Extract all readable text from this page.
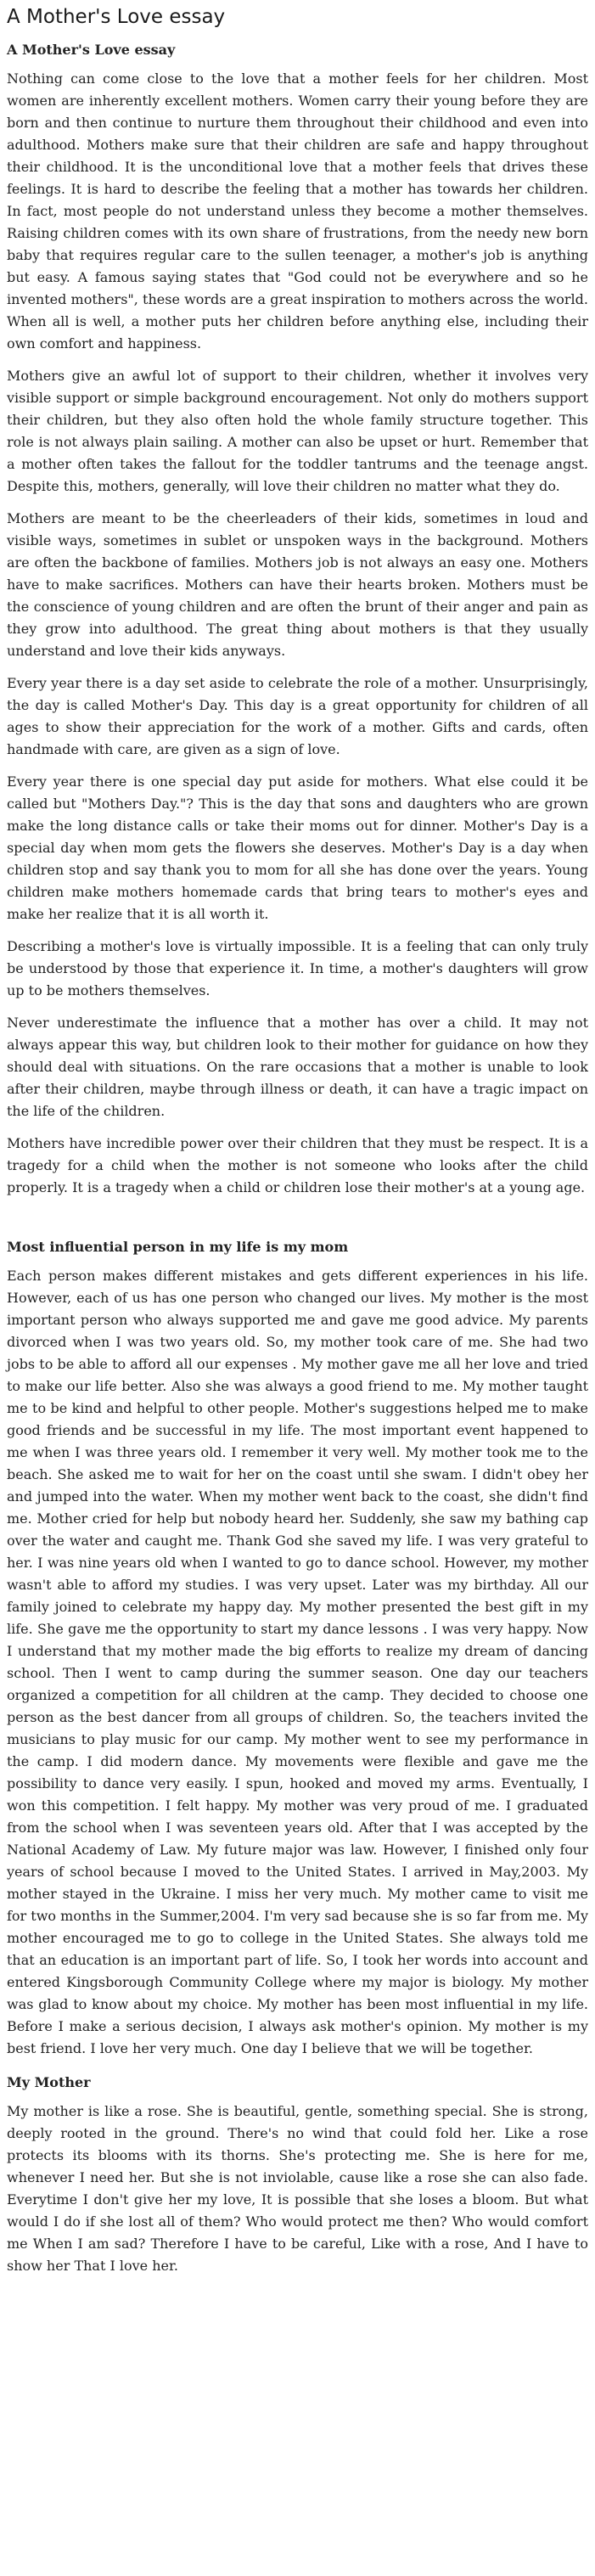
A Mother's Love essay
A Mother's Love essay

Nothing can come close to the love that a mother feels for her children. Most women are inherently excellent mothers. Women carry their young before they are born and then continue to nurture them throughout their childhood and even into adulthood. Mothers make sure that their children are safe and happy throughout their childhood. It is the unconditional love that a mother feels that drives these feelings. It is hard to describe the feeling that a mother has towards her children. In fact, most people do not understand unless they become a mother themselves. Raising children comes with its own share of frustrations, from the needy new born baby that requires regular care to the sullen teenager, a mother's job is anything but easy. A famous saying states that "God could not be everywhere and so he invented mothers", these words are a great inspiration to mothers across the world. When all is well, a mother puts her children before anything else, including their own comfort and happiness.

Mothers give an awful lot of support to their children, whether it involves very visible support or simple background encouragement. Not only do mothers support their children, but they also often hold the whole family structure together. This role is not always plain sailing. A mother can also be upset or hurt. Remember that a mother often takes the fallout for the toddler tantrums and the teenage angst. Despite this, mothers, generally, will love their children no matter what they do.

Mothers are meant to be the cheerleaders of their kids, sometimes in loud and visible ways, sometimes in sublet or unspoken ways in the background. Mothers are often the backbone of families. Mothers job is not always an easy one. Mothers have to make sacrifices. Mothers can have their hearts broken. Mothers must be the conscience of young children and are often the brunt of their anger and pain as they grow into adulthood. The great thing about mothers is that they usually understand and love their kids anyways.

Every year there is a day set aside to celebrate the role of a mother. Unsurprisingly, the day is called Mother's Day. This day is a great opportunity for children of all ages to show their appreciation for the work of a mother. Gifts and cards, often handmade with care, are given as a sign of love.

Every year there is one special day put aside for mothers. What else could it be called but "Mothers Day."? This is the day that sons and daughters who are grown make the long distance calls or take their moms out for dinner. Mother's Day is a special day when mom gets the flowers she deserves. Mother's Day is a day when children stop and say thank you to mom for all she has done over the years. Young children make mothers homemade cards that bring tears to mother's eyes and make her realize that it is all worth it.

Describing a mother's love is virtually impossible. It is a feeling that can only truly be understood by those that experience it. In time, a mother's daughters will grow up to be mothers themselves.

Never underestimate the influence that a mother has over a child. It may not always appear this way, but children look to their mother for guidance on how they should deal with situations. On the rare occasions that a mother is unable to look after their children, maybe through illness or death, it can have a tragic impact on the life of the children.

Mothers have incredible power over their children that they must be respect. It is a tragedy for a child when the mother is not someone who looks after the child properly. It is a tragedy when a child or children lose their mother's at a young age.

Most influential person in my life is my mom

Each person makes different mistakes and gets different experiences in his life. However, each of us has one person who changed our lives. My mother is the most important person who always supported me and gave me good advice. My parents divorced when I was two years old. So, my mother took care of me. She had two jobs to be able to afford all our expenses . My mother gave me all her love and tried to make our life better. Also she was always a good friend to me. My mother taught me to be kind and helpful to other people. Mother's suggestions helped me to make good friends and be successful in my life. The most important event happened to me when I was three years old. I remember it very well. My mother took me to the beach. She asked me to wait for her on the coast until she swam. I didn't obey her and jumped into the water. When my mother went back to the coast, she didn't find me. Mother cried for help but nobody heard her. Suddenly, she saw my bathing cap over the water and caught me. Thank God she saved my life. I was very grateful to her. I was nine years old when I wanted to go to dance school. However, my mother wasn't able to afford my studies. I was very upset. Later was my birthday. All our family joined to celebrate my happy day. My mother presented the best gift in my life. She gave me the opportunity to start my dance lessons . I was very happy. Now I understand that my mother made the big efforts to realize my dream of dancing school. Then I went to camp during the summer season. One day our teachers organized a competition for all children at the camp. They decided to choose one person as the best dancer from all groups of children. So, the teachers invited the musicians to play music for our camp. My mother went to see my performance in the camp. I did modern dance. My movements were flexible and gave me the possibility to dance very easily. I spun, hooked and moved my arms. Eventually, I won this competition. I felt happy. My mother was very proud of me. I graduated from the school when I was seventeen years old. After that I was accepted by the National Academy of Law. My future major was law. However, I finished only four years of school because I moved to the United States. I arrived in May,2003. My mother stayed in the Ukraine. I miss her very much. My mother came to visit me for two months in the Summer,2004. I'm very sad because she is so far from me. My mother encouraged me to go to college in the United States. She always told me that an education is an important part of life. So, I took her words into account and entered Kingsborough Community College where my major is biology. My mother was glad to know about my choice. My mother has been most influential in my life. Before I make a serious decision, I always ask mother's opinion. My mother is my best friend. I love her very much. One day I believe that we will be together.

My Mother

My mother is like a rose. She is beautiful, gentle, something special. She is strong, deeply rooted in the ground. There's no wind that could fold her. Like a rose protects its blooms with its thorns. She's protecting me. She is here for me, whenever I need her. But she is not inviolable, cause like a rose she can also fade. Everytime I don't give her my love, It is possible that she loses a bloom. But what would I do if she lost all of them? Who would protect me then? Who would comfort me When I am sad? Therefore I have to be careful, Like with a rose, And I have to show her That I love her.
